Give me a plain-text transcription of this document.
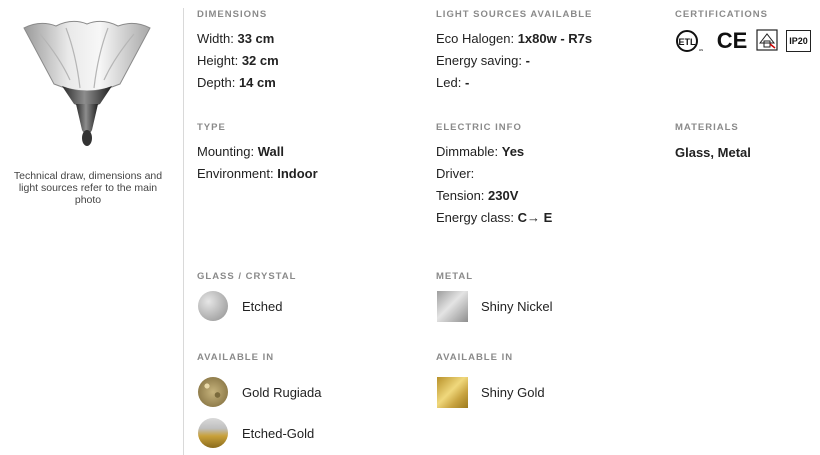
Technical draw, dimensions and light sources refer to the main photo
DIMENSIONS
Width: 33 cm
Height: 32 cm
Depth: 14 cm
LIGHT SOURCES AVAILABLE
Eco Halogen: 1x80w - R7s
Energy saving: -
Led: -
CERTIFICATIONS
ETL
us CE	IP20
TYPE
Mounting: Wall
Environment: Indoor
ELECTRIC INFO
Dimmable: Yes
Driver:
Tension: 230V
Energy class: C→ E
MATERIALS
Glass, Metal
GLASS / CRYSTAL
Etched
METAL
Shiny Nickel
AVAILABLE IN
Gold Rugiada
Etched-Gold
AVAILABLE IN
Shiny Gold
